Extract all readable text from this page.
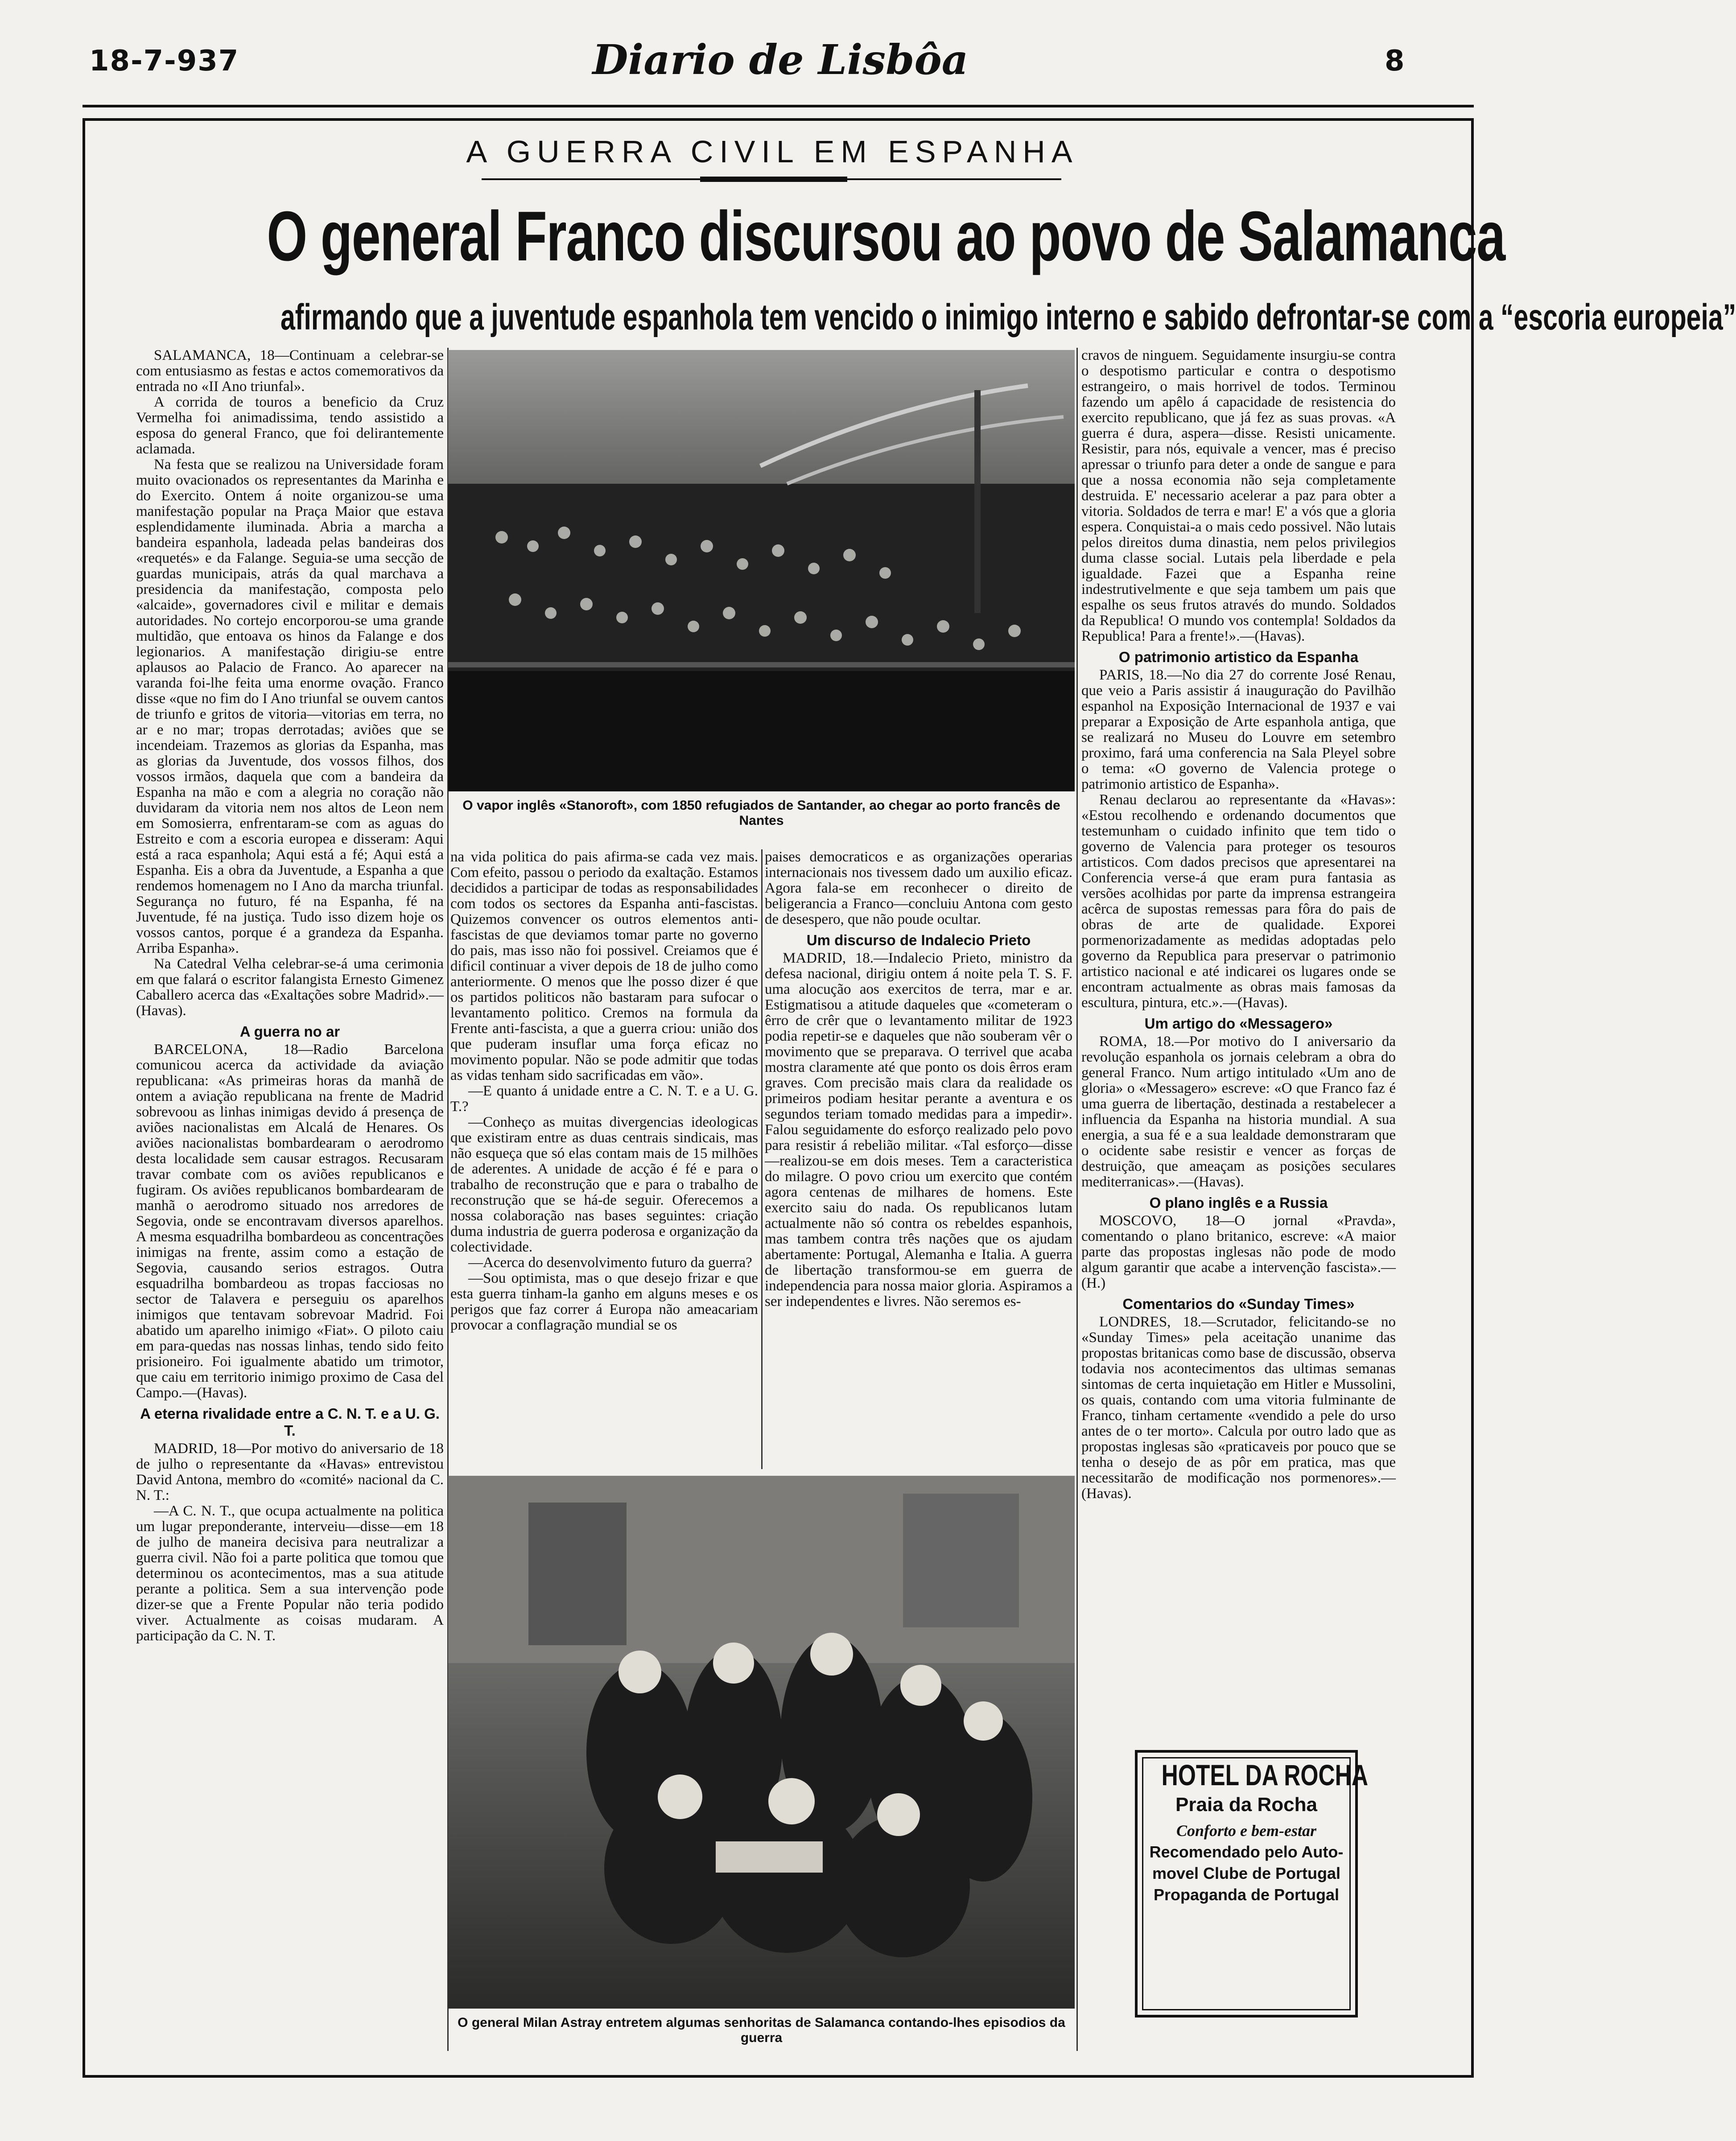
18-7-937	Diario de Lisbôa	8
A GUERRA CIVIL EM ESPANHA
O general Franco discursou ao povo de Salamanca
afirmando que a juventude espanhola tem vencido o inimigo interno e sabido defrontar-se com a “escoria europeia”

SALAMANCA, 18—Continuam a celebrar-se com entusiasmo as festas e actos comemorativos da entrada no «II Ano triunfal».

A corrida de touros a beneficio da Cruz Vermelha foi animadissima, tendo assistido a esposa do general Franco, que foi delirantemente aclamada.

Na festa que se realizou na Universidade foram muito ovacionados os representantes da Marinha e do Exercito. Ontem á noite organizou-se uma manifestação popular na Praça Maior que estava esplendidamente iluminada. Abria a marcha a bandeira espanhola, ladeada pelas bandeiras dos «requetés» e da Falange. Seguia-se uma secção de guardas municipais, atrás da qual marchava a presidencia da manifestação, composta pelo «alcaide», governadores civil e militar e demais autoridades. No cortejo encorporou-se uma grande multidão, que entoava os hinos da Falange e dos legionarios. A manifestação dirigiu-se entre aplausos ao Palacio de Franco. Ao aparecer na varanda foi-lhe feita uma enorme ovação. Franco disse «que no fim do I Ano triunfal se ouvem cantos de triunfo e gritos de vitoria—vitorias em terra, no ar e no mar; tropas derrotadas; aviões que se incendeiam. Trazemos as glorias da Espanha, mas as glorias da Juventude, dos vossos filhos, dos vossos irmãos, daquela que com a bandeira da Espanha na mão e com a alegria no coração não duvidaram da vitoria nem nos altos de Leon nem em Somosierra, enfrentaram-se com as aguas do Estreito e com a escoria europea e disseram: Aqui está a raca espanhola; Aqui está a fé; Aqui está a Espanha. Eis a obra da Juventude, a Espanha a que rendemos homenagem no I Ano da marcha triunfal. Segurança no futuro, fé na Espanha, fé na Juventude, fé na justiça. Tudo isso dizem hoje os vossos cantos, porque é a grandeza da Espanha. Arriba Espanha».

Na Catedral Velha celebrar-se-á uma cerimonia em que falará o escritor falangista Ernesto Gimenez Caballero acerca das «Exaltações sobre Madrid».—(Havas).

A guerra no ar

BARCELONA, 18—Radio Barcelona comunicou acerca da actividade da aviação republicana: «As primeiras horas da manhã de ontem a aviação republicana na frente de Madrid sobrevoou as linhas inimigas devido á presença de aviões nacionalistas em Alcalá de Henares. Os aviões nacionalistas bombardearam o aerodromo desta localidade sem causar estragos. Recusaram travar combate com os aviões republicanos e fugiram. Os aviões republicanos bombardearam de manhã o aerodromo situado nos arredores de Segovia, onde se encontravam diversos aparelhos. A mesma esquadrilha bombardeou as concentrações inimigas na frente, assim como a estação de Segovia, causando serios estragos. Outra esquadrilha bombardeou as tropas facciosas no sector de Talavera e perseguiu os aparelhos inimigos que tentavam sobrevoar Madrid. Foi abatido um aparelho inimigo «Fiat». O piloto caiu em para-quedas nas nossas linhas, tendo sido feito prisioneiro. Foi igualmente abatido um trimotor, que caiu em territorio inimigo proximo de Casa del Campo.—(Havas).

A eterna rivalidade entre a C. N. T. e a U. G. T.

MADRID, 18—Por motivo do aniversario de 18 de julho o representante da «Havas» entrevistou David Antona, membro do «comité» nacional da C. N. T.:

—A C. N. T., que ocupa actualmente na politica um lugar preponderante, interveiu—disse—em 18 de julho de maneira decisiva para neutralizar a guerra civil. Não foi a parte politica que tomou que determinou os acontecimentos, mas a sua atitude perante a politica. Sem a sua intervenção pode dizer-se que a Frente Popular não teria podido viver. Actualmente as coisas mudaram. A participação da C. N. T.

O vapor inglês «Stanoroft», com 1850 refugiados de Santander, ao chegar ao porto francês de Nantes

na vida politica do pais afirma-se cada vez mais. Com efeito, passou o periodo da exaltação. Estamos decididos a participar de todas as responsabilidades com todos os sectores da Espanha anti-fascistas. Quizemos convencer os outros elementos anti-fascistas de que deviamos tomar parte no governo do pais, mas isso não foi possivel. Creiamos que é dificil continuar a viver depois de 18 de julho como anteriormente. O menos que lhe posso dizer é que os partidos politicos não bastaram para sufocar o levantamento politico. Cremos na formula da Frente anti-fascista, a que a guerra criou: união dos que puderam insuflar uma força eficaz no movimento popular. Não se pode admitir que todas as vidas tenham sido sacrificadas em vão».

—E quanto á unidade entre a C. N. T. e a U. G. T.?

—Conheço as muitas divergencias ideologicas que existiram entre as duas centrais sindicais, mas não esqueça que só elas contam mais de 15 milhões de aderentes. A unidade de acção é fé e para o trabalho de reconstrução que e para o trabalho de reconstrução que se há-de seguir. Oferecemos a nossa colaboração nas bases seguintes: criação duma industria de guerra poderosa e organização da colectividade.

—Acerca do desenvolvimento futuro da guerra?

—Sou optimista, mas o que desejo frizar e que esta guerra tinham-la ganho em alguns meses e os perigos que faz correr á Europa não ameacariam provocar a conflagração mundial se os

paises democraticos e as organizações operarias internacionais nos tivessem dado um auxilio eficaz. Agora fala-se em reconhecer o direito de beligerancia a Franco—concluiu Antona com gesto de desespero, que não poude ocultar.

Um discurso de Indalecio Prieto

MADRID, 18.—Indalecio Prieto, ministro da defesa nacional, dirigiu ontem á noite pela T. S. F. uma alocução aos exercitos de terra, mar e ar. Estigmatisou a atitude daqueles que «cometeram o êrro de crêr que o levantamento militar de 1923 podia repetir-se e daqueles que não souberam vêr o movimento que se preparava. O terrivel que acaba mostra claramente até que ponto os dois êrros eram graves. Com precisão mais clara da realidade os primeiros podiam hesitar perante a aventura e os segundos teriam tomado medidas para a impedir». Falou seguidamente do esforço realizado pelo povo para resistir á rebelião militar. «Tal esforço—disse—realizou-se em dois meses. Tem a caracteristica do milagre. O povo criou um exercito que contém agora centenas de milhares de homens. Este exercito saiu do nada. Os republicanos lutam actualmente não só contra os rebeldes espanhois, mas tambem contra três nações que os ajudam abertamente: Portugal, Alemanha e Italia. A guerra de libertação transformou-se em guerra de independencia para nossa maior gloria. Aspiramos a ser independentes e livres. Não seremos es-

O general Milan Astray entretem algumas senhoritas de Salamanca contando-lhes episodios da guerra

cravos de ninguem. Seguidamente insurgiu-se contra o despotismo particular e contra o despotismo estrangeiro, o mais horrivel de todos. Terminou fazendo um apêlo á capacidade de resistencia do exercito republicano, que já fez as suas provas. «A guerra é dura, aspera—disse. Resisti unicamente. Resistir, para nós, equivale a vencer, mas é preciso apressar o triunfo para deter a onde de sangue e para que a nossa economia não seja completamente destruida. E' necessario acelerar a paz para obter a vitoria. Soldados de terra e mar! E' a vós que a gloria espera. Conquistai-a o mais cedo possivel. Não lutais pelos direitos duma dinastia, nem pelos privilegios duma classe social. Lutais pela liberdade e pela igualdade. Fazei que a Espanha reine indestrutivelmente e que seja tambem um pais que espalhe os seus frutos através do mundo. Soldados da Republica! O mundo vos contempla! Soldados da Republica! Para a frente!».—(Havas).

O patrimonio artistico da Espanha

PARIS, 18.—No dia 27 do corrente José Renau, que veio a Paris assistir á inauguração do Pavilhão espanhol na Exposição Internacional de 1937 e vai preparar a Exposição de Arte espanhola antiga, que se realizará no Museu do Louvre em setembro proximo, fará uma conferencia na Sala Pleyel sobre o tema: «O governo de Valencia protege o patrimonio artistico de Espanha».

Renau declarou ao representante da «Havas»: «Estou recolhendo e ordenando documentos que testemunham o cuidado infinito que tem tido o governo de Valencia para proteger os tesouros artisticos. Com dados precisos que apresentarei na Conferencia verse-á que eram pura fantasia as versões acolhidas por parte da imprensa estrangeira acêrca de supostas remessas para fôra do pais de obras de arte de qualidade. Exporei pormenorizadamente as medidas adoptadas pelo governo da Republica para preservar o patrimonio artistico nacional e até indicarei os lugares onde se encontram actualmente as obras mais famosas da escultura, pintura, etc.».—(Havas).

Um artigo do «Messagero»

ROMA, 18.—Por motivo do I aniversario da revolução espanhola os jornais celebram a obra do general Franco. Num artigo intitulado «Um ano de gloria» o «Messagero» escreve: «O que Franco faz é uma guerra de libertação, destinada a restabelecer a influencia da Espanha na historia mundial. A sua energia, a sua fé e a sua lealdade demonstraram que o ocidente sabe resistir e vencer as forças de destruição, que ameaçam as posições seculares mediterranicas».—(Havas).

O plano inglês e a Russia

MOSCOVO, 18—O jornal «Pravda», comentando o plano britanico, escreve: «A maior parte das propostas inglesas não pode de modo algum garantir que acabe a intervenção fascista».—(H.)

Comentarios do «Sunday Times»

LONDRES, 18.—Scrutador, felicitando-se no «Sunday Times» pela aceitação unanime das propostas britanicas como base de discussão, observa todavia nos acontecimentos das ultimas semanas sintomas de certa inquietação em Hitler e Mussolini, os quais, contando com uma vitoria fulminante de Franco, tinham certamente «vendido a pele do urso antes de o ter morto». Calcula por outro lado que as propostas inglesas são «praticaveis por pouco que se tenha o desejo de as pôr em pratica, mas que necessitarão de modificação nos pormenores».—(Havas).

HOTEL DA ROCHA
Praia da Rocha
Conforto e bem-estar
Recomendado pelo Auto-
movel Clube de Portugal
Propaganda de Portugal
